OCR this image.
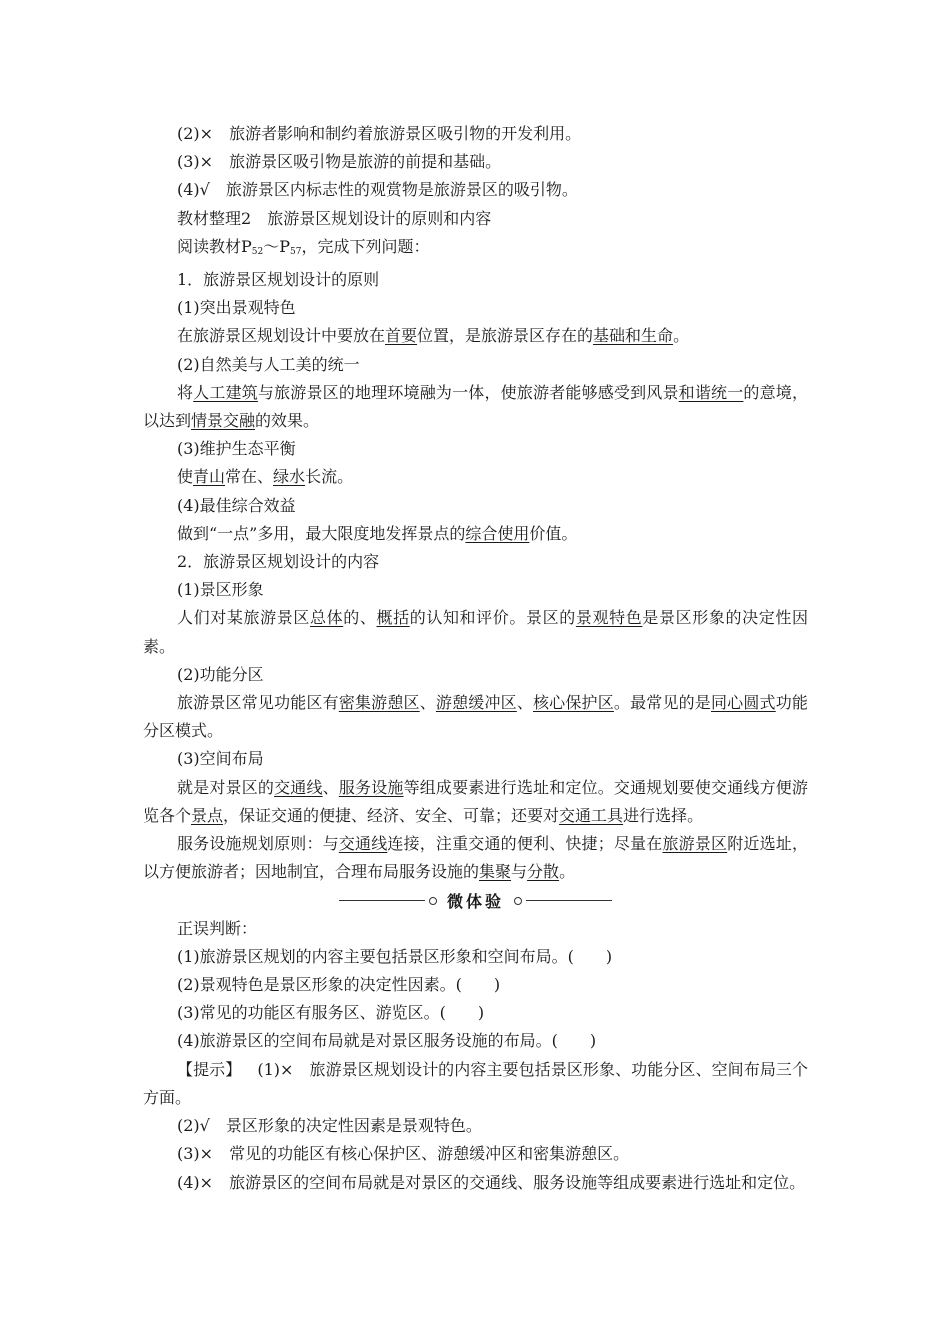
(2)× 旅游者影响和制约着旅游景区吸引物的开发利用。
(3)× 旅游景区吸引物是旅游的前提和基础。
(4)√ 旅游景区内标志性的观赏物是旅游景区的吸引物。
教材整理2 旅游景区规划设计的原则和内容
阅读教材$P_{52}\sim P_{57}$，完成下列问题：
1．旅游景区规划设计的原则
(1)突出景观特色
在旅游景区规划设计中要放在首要位置，是旅游景区存在的基础和生命。
(2)自然美与人工美的统一
将人工建筑与旅游景区的地理环境融为一体，使旅游者能够感受到风景和谐统一的意境，以达到情景交融的效果。
(3)维护生态平衡
使青山常在、绿水长流。
(4)最佳综合效益
做到“一点”多用，最大限度地发挥景点的综合使用价值。
2．旅游景区规划设计的内容
(1)景区形象
人们对某旅游景区总体的、概括的认知和评价。景区的景观特色是景区形象的决定性因素。
(2)功能分区
旅游景区常见功能区有密集游憩区、游憩缓冲区、核心保护区。最常见的是同心圆式功能分区模式。
(3)空间布局
就是对景区的交通线、服务设施等组成要素进行选址和定位。交通规划要使交通线方便游览各个景点，保证交通的便捷、经济、安全、可靠；还要对交通工具进行选择。
服务设施规划原则：与交通线连接，注重交通的便利、快捷；尽量在旅游景区附近选址，以方便旅游者；因地制宜，合理布局服务设施的集聚与分散。
微体验
正误判断：
(1)旅游景区规划的内容主要包括景区形象和空间布局。(　　)
(2)景观特色是景区形象的决定性因素。(　　)
(3)常见的功能区有服务区、游览区。(　　)
(4)旅游景区的空间布局就是对景区服务设施的布局。(　　)
【提示】 (1)× 旅游景区规划设计的内容主要包括景区形象、功能分区、空间布局三个方面。
(2)√ 景区形象的决定性因素是景观特色。
(3)× 常见的功能区有核心保护区、游憩缓冲区和密集游憩区。
(4)× 旅游景区的空间布局就是对景区的交通线、服务设施等组成要素进行选址和定位。
